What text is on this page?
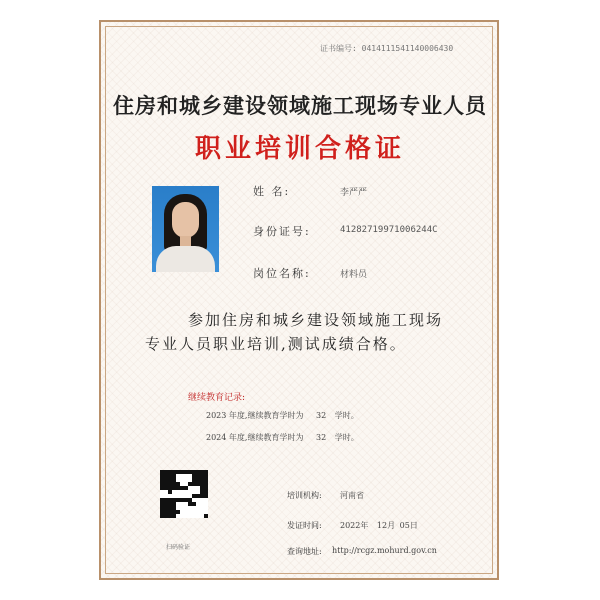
证书编号: 0414111541140006430
住房和城乡建设领域施工现场专业人员
职业培训合格证
姓 名:	李严严
身份证号:	41282719971006244C
岗位名称:	材料员
参加住房和城乡建设领域施工现场
专业人员职业培训,测试成绩合格。
继续教育记录:
2023 年度,继续教育学时为 32 学时。
2024 年度,继续教育学时为 32 学时。
扫码验证
培训机构: 河南省
发证时间: 2022年 12月 05日
查询地址: http://rcgz.mohurd.gov.cn
